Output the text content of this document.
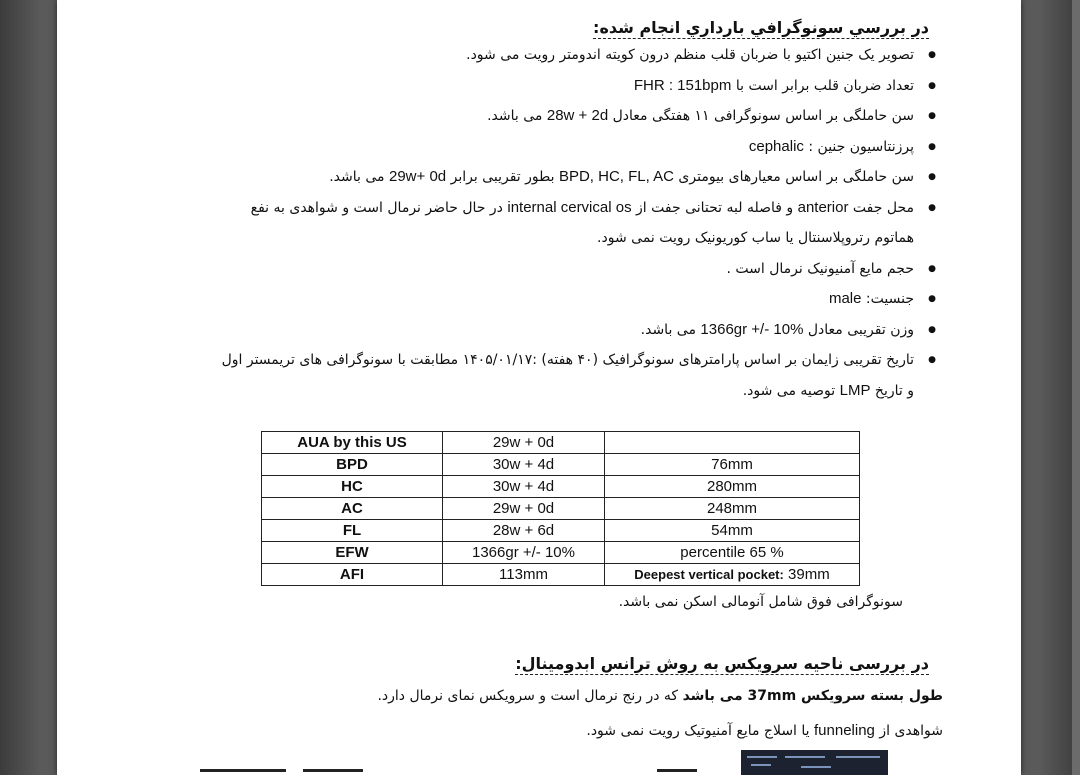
در بررسي سونوگرافي بارداري انجام شده:
● تصویر یک جنین اکتیو با ضربان قلب منظم درون کویته اندومتر رویت می شود.
● تعداد ضربان قلب برابر است با FHR : 151bpm
● سن حاملگی بر اساس سونوگرافی ۱۱ هفتگی معادل 28w + 2d می باشد.
● پرزنتاسیون جنین : cephalic
● سن حاملگی بر اساس معیارهای بیومتری BPD, HC, FL, AC بطور تقریبی برابر 29w+ 0d می باشد.
● محل جفت anterior و فاصله لبه تحتانی جفت از internal cervical os در حال حاضر نرمال است و شواهدی به نفع هماتوم رتروپلاسنتال یا ساب کوریونیک رویت نمی شود.
● حجم مایع آمنیونیک نرمال است .
● جنسیت: male
● وزن تقریبی معادل 1366gr +/- 10% می باشد.
● تاریخ تقریبی زایمان بر اساس پارامترهای سونوگرافیک (۴۰ هفته) :۱۴۰۵/۰۱/۱۷ مطابقت با سونوگرافی های تریمستر اول و تاریخ LMP توصیه می شود.
AUA by this US	29w + 0d	
BPD	30w + 4d	76mm
HC	30w + 4d	280mm
AC	29w + 0d	248mm
FL	28w + 6d	54mm
EFW	1366gr +/- 10%	percentile 65 %
AFI	113mm	Deepest vertical pocket: 39mm
سونوگرافی فوق شامل آنومالی اسکن نمی باشد.
در بررسی ناحیه سرویکس به روش ترانس ابدومینال:
طول بسته سرویکس 37mm می باشد که در رنج نرمال است و سرویکس نمای نرمال دارد.
شواهدی از funneling یا اسلاج مایع آمنیوتیک رویت نمی شود.
